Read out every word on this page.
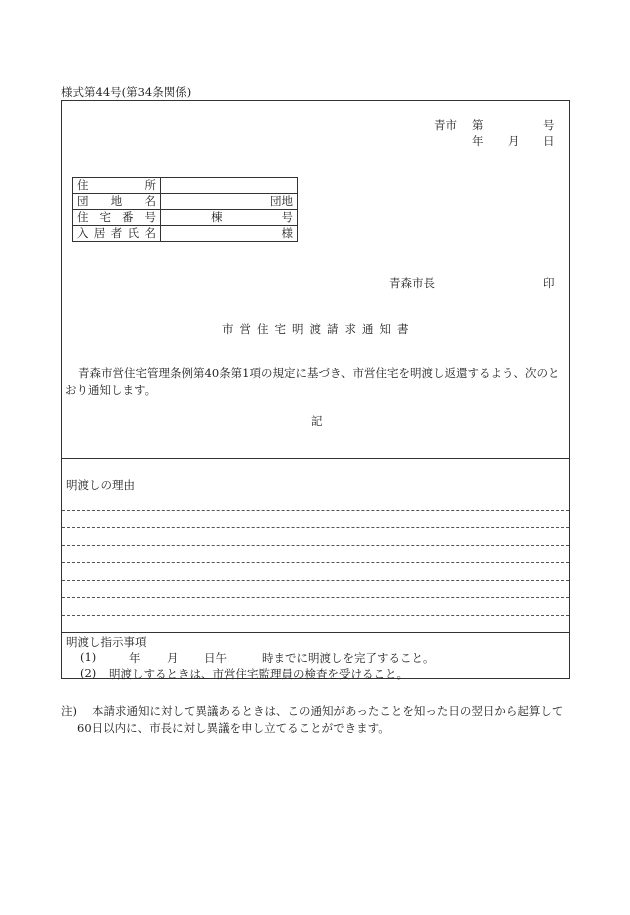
様式第44号(第34条関係)
青市 第	号
年 月 日
住　　所	
団地名	団地
住宅番号	棟 号
入居者氏名	様
青森市長	印
市営住宅明渡請求通知書
青森市営住宅管理条例第40条第1項の規定に基づき、市営住宅を明渡し返還するよう、次のと
おり通知します。
記
明渡しの理由
明渡し指示事項
(1)	年 月 日午	時までに明渡しを完了すること。
(2) 明渡しするときは、市営住宅監理員の検査を受けること。
注) 本請求通知に対して異議あるときは、この通知があったことを知った日の翌日から起算して
60日以内に、市長に対し異議を申し立てることができます。
